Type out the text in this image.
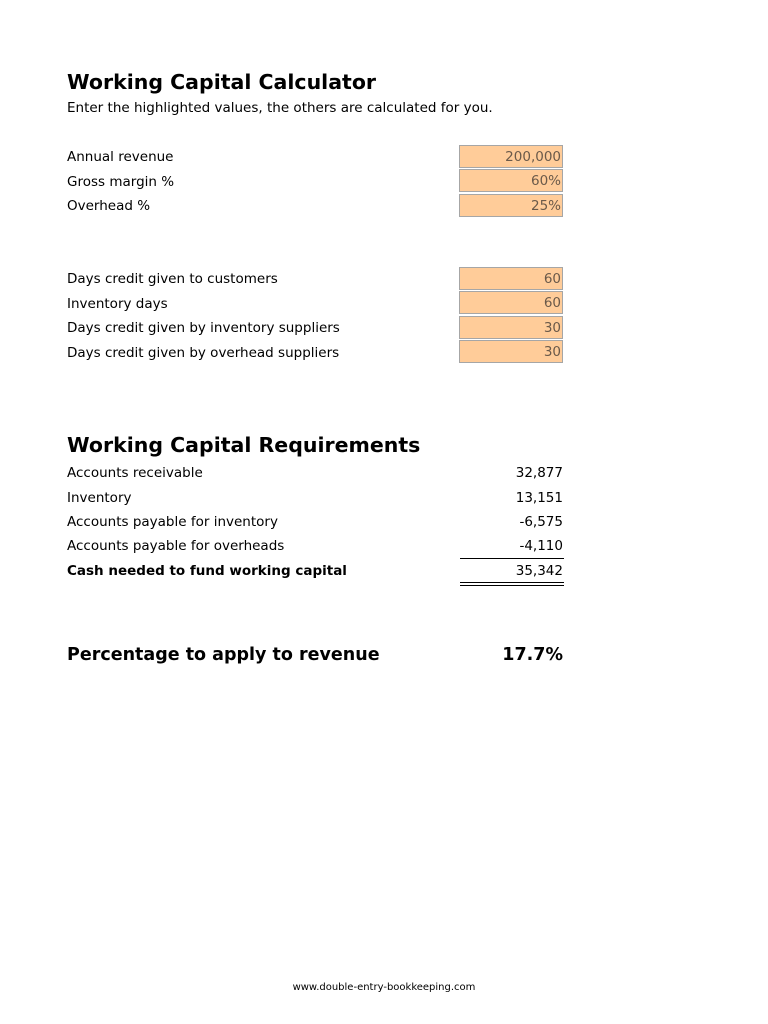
Working Capital Calculator
Enter the highlighted values, the others are calculated for you.
Annual revenue	200,000
Gross margin %	60%
Overhead %	25%
Days credit given to customers	60
Inventory days	60
Days credit given by inventory suppliers	30
Days credit given by overhead suppliers	30
Working Capital Requirements
Accounts receivable	32,877
Inventory	13,151
Accounts payable for inventory	-6,575
Accounts payable for overheads	-4,110
Cash needed to fund working capital	35,342
Percentage to apply to revenue	17.7%
www.double-entry-bookkeeping.com
